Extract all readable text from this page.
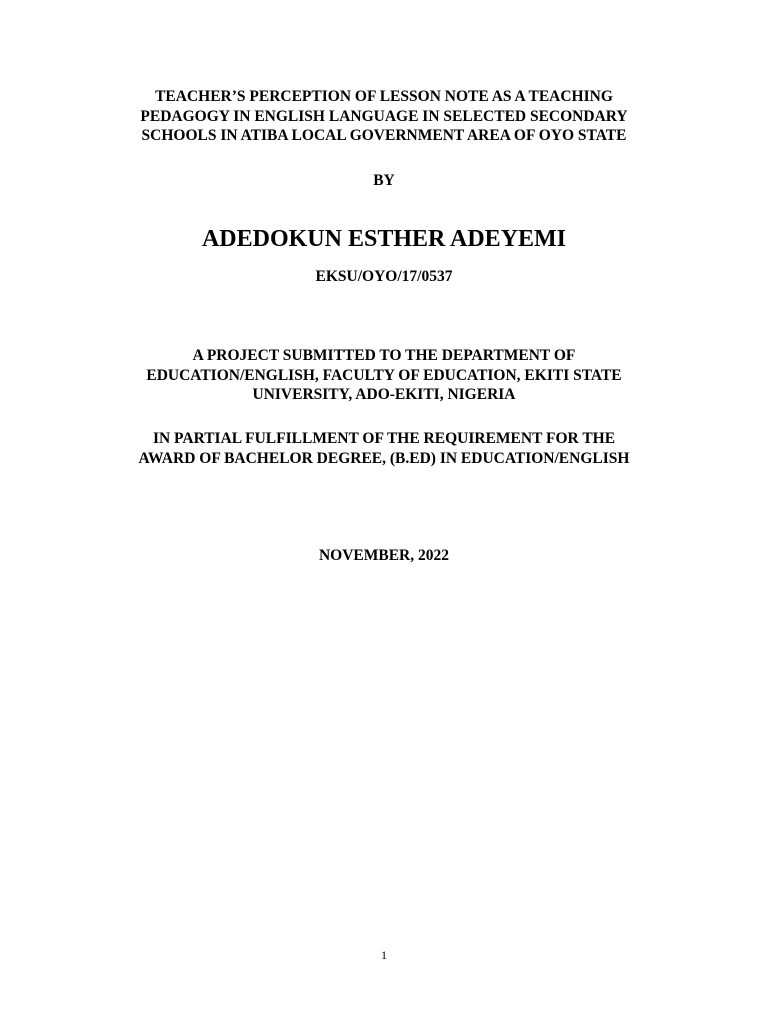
TEACHER’S PERCEPTION OF LESSON NOTE AS A TEACHING
PEDAGOGY IN ENGLISH LANGUAGE IN SELECTED SECONDARY
SCHOOLS IN ATIBA LOCAL GOVERNMENT AREA OF OYO STATE
BY
ADEDOKUN ESTHER ADEYEMI
EKSU/OYO/17/0537
A PROJECT SUBMITTED TO THE DEPARTMENT OF
EDUCATION/ENGLISH, FACULTY OF EDUCATION, EKITI STATE
UNIVERSITY, ADO-EKITI, NIGERIA
IN PARTIAL FULFILLMENT OF THE REQUIREMENT FOR THE
AWARD OF BACHELOR DEGREE, (B.ED) IN EDUCATION/ENGLISH
NOVEMBER, 2022
1
